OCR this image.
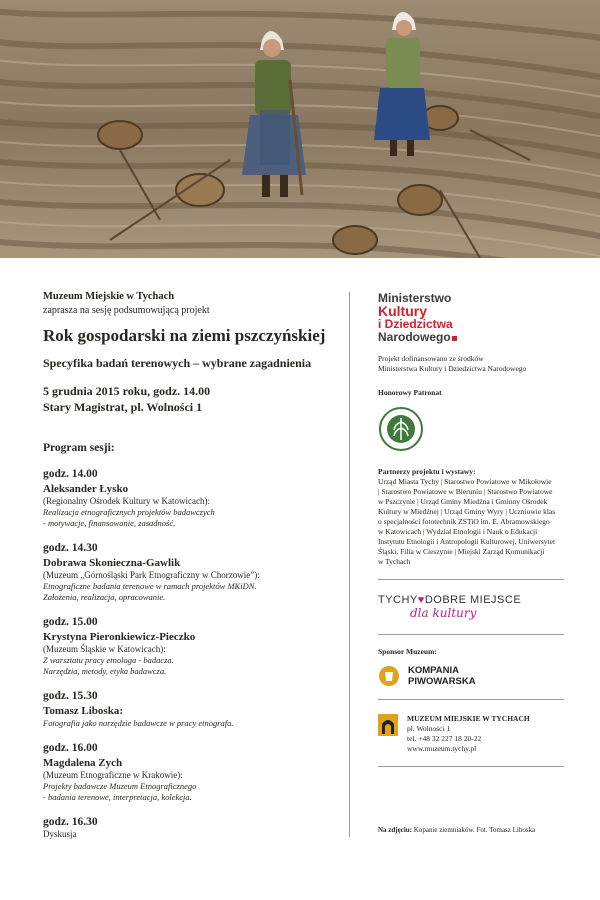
Muzeum Miejskie w Tychach
zaprasza na sesję podsumowującą projekt
Rok gospodarski na ziemi pszczyńskiej
Specyfika badań terenowych – wybrane zagadnienia
5 grudnia 2015 roku, godz. 14.00
Stary Magistrat, pl. Wolności 1
Program sesji:
godz. 14.00
Aleksander Łysko
(Regionalny Ośrodek Kultury w Katowicach):
Realizacja etnograficznych projektów badawczych
- motywacje, finansowanie, zasadność.
godz. 14.30
Dobrawa Skonieczna-Gawlik
(Muzeum „Górnośląski Park Etnograficzny w Chorzowie”):
Etnograficzne badania terenowe w ramach projektów MKiDN.
Założenia, realizacja, opracowanie.
godz. 15.00
Krystyna Pieronkiewicz-Pieczko
(Muzeum Śląskie w Katowicach):
Z warsztatu pracy etnologa - badacza.
Narzędzia, metody, etyka badawcza.
godz. 15.30
Tomasz Liboska:
Fotografia jako narzędzie badawcze w pracy etnografa.
godz. 16.00
Magdalena Zych
(Muzeum Etnograficzne w Krakowie):
Projekty badawcze Muzeum Etnograficznego
- badania terenowe, interpretacja, kolekcja.
godz. 16.30
Dyskusja
Ministerstwo
Kultury
i Dziedzictwa
Narodowego
Projekt dofinansowano ze środków
Ministerstwa Kultury i Dziedzictwa Narodowego
Honorowy Patronat
Partnerzy projektu i wystawy:
Urząd Miasta Tychy | Starostwo Powiatowe w Mikołowie
| Starostwo Powiatowe w Bieruniu | Starostwo Powiatowe
w Pszczynie | Urząd Gminy Miedźna i Gminny Ośrodek
Kultury w Miedźnej | Urząd Gminy Wyry | Uczniowie klas
o specjalności fototechnik ZSTiO im. E. Abramowskiego
w Katowicach | Wydział Etnologii i Nauk o Edukacji
Instytutu Etnologii i Antropologii Kulturowej, Uniwersytet
Śląski, Filia w Cieszynie | Miejski Zarząd Komunikacji
w Tychach
TYCHY♥DOBRE MIEJSCE
dla kultury
Sponsor Muzeum:
KOMPANIA
PIWOWARSKA
MUZEUM MIEJSKIE W TYCHACH
pl. Wolności 1
tel. +48 32 227 18 20-22
www.muzeum.tychy.pl
Na zdjęciu: Kopanie ziemniaków. Fot. Tomasz Liboska
